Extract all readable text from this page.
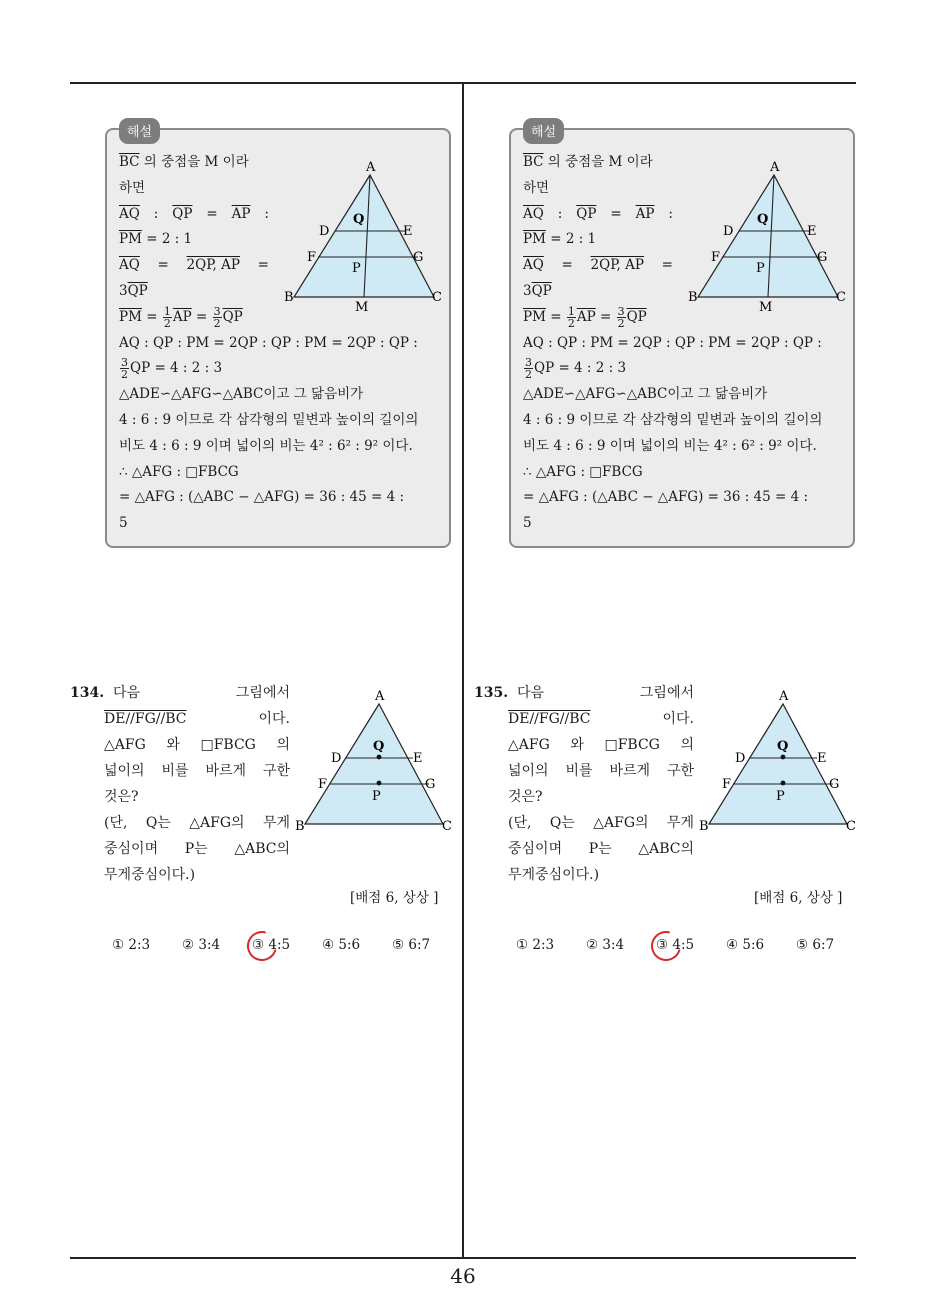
해설
$\overline{BC}$ 의 중점을 M 이라
하면
$\overline{AQ}$ : $\overline{QP} = \overline{AP}$ :
$\overline{PM} = 2$ : 1
$\overline{AQ} = 2QP$, AP =
$3\overline{QP}$
$\overline{PM} = \frac{1}{2} \overline{AP} = \frac{3}{2} \overline{QP}$
AQ : QP : PM = 2QP : QP : PM = 2QP : QP :
$\frac{3}{2}$ QP = 4 : 2 : 3
△ADE∽△AFG∽△ABC이고 그 닮음비가
4 : 6 : 9 이므로 각 삼각형의 밑변과 높이의 길이의
비도 4 : 6 : 9 이며 넓이의 비는 4² : 6² : 9² 이다.
∴ △AFG : □FBCG
= △AFG : (△ABC − △AFG) = 36 : 45 = 4 :
5
A
B	C
D	E
F	G
Q
P
M
134. 다음	그림에서
DE//FG//BC	이다.
△AFG 와 □FBCG 의
넓이의 비를 바르게 구한
것은?
(단, Q는 △AFG의 무게
중심이며 P는 △ABC의
무게중심이다.)
A
B	C
D	E
F	G
Q
P
[배점 6, 상상 ]
① 2:3	② 3:4	③ 4:5	④ 5:6	⑤ 6:7
해설
$\overline{BC}$ 의 중점을 M 이라
하면
$\overline{AQ}$ : $\overline{QP} = \overline{AP}$ :
$\overline{PM} = 2$ : 1
$\overline{AQ} = 2QP$, AP =
$3\overline{QP}$
$\overline{PM} = \frac{1}{2} \overline{AP} = \frac{3}{2} \overline{QP}$
AQ : QP : PM = 2QP : QP : PM = 2QP : QP :
$\frac{3}{2}$ QP = 4 : 2 : 3
△ADE∽△AFG∽△ABC이고 그 닮음비가
4 : 6 : 9 이므로 각 삼각형의 밑변과 높이의 길이의
비도 4 : 6 : 9 이며 넓이의 비는 4² : 6² : 9² 이다.
∴ △AFG : □FBCG
= △AFG : (△ABC − △AFG) = 36 : 45 = 4 :
5
A
B	C
D	E
F	G
Q
P
M
135. 다음	그림에서
DE//FG//BC	이다.
△AFG 와 □FBCG 의
넓이의 비를 바르게 구한
것은?
(단, Q는 △AFG의 무게
중심이며 P는 △ABC의
무게중심이다.)
A
B	C
D	E
F	G
Q
P
[배점 6, 상상 ]
① 2:3	② 3:4	③ 4:5	④ 5:6	⑤ 6:7
46
